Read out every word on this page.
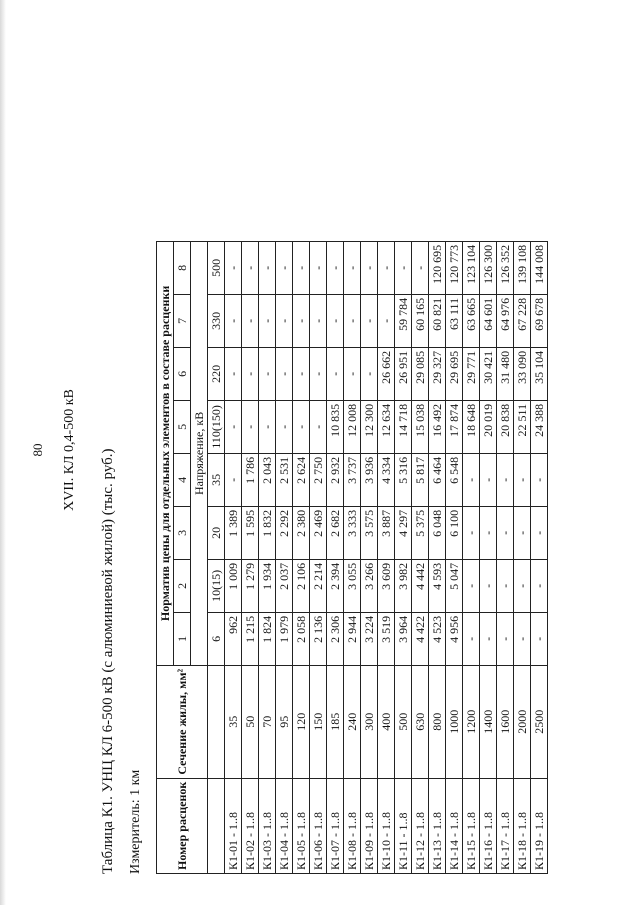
80 XVII. КЛ 0,4-500 кВ Таблица К1. УНЦ КЛ 6-500 кВ (с алюминиевой жилой) (тыс. руб.) Измеритель: 1 км	Номер расценок	Сечение жилы, мм²	Норматив цены для отдельных элементов в составе расценки							
		1	2	3	4	5	6	7	8
		Напряжение, кВ							
		6	10(15)	20	35	110(150)	220	330	500
К1-01 - 1..8	35	962	1 009	1 389	-	-	-	-	-
К1-02 - 1..8	50	1 215	1 279	1 595	1 786	-	-	-	-
К1-03 - 1..8	70	1 824	1 934	1 832	2 043	-	-	-	-
К1-04 - 1..8	95	1 979	2 037	2 292	2 531	-	-	-	-
К1-05 - 1..8	120	2 058	2 106	2 380	2 624	-	-	-	-
К1-06 - 1..8	150	2 136	2 214	2 469	2 750	-	-	-	-
К1-07 - 1..8	185	2 306	2 394	2 682	2 932	10 835	-	-	-
К1-08 - 1..8	240	2 944	3 055	3 333	3 737	12 008	-	-	-
К1-09 - 1..8	300	3 224	3 266	3 575	3 936	12 300	-	-	-
К1-10 - 1..8	400	3 519	3 609	3 887	4 334	12 634	26 662	-	-
К1-11 - 1..8	500	3 964	3 982	4 297	5 316	14 718	26 951	59 784	-
К1-12 - 1..8	630	4 422	4 442	5 375	5 817	15 038	29 085	60 165	-
К1-13 - 1..8	800	4 523	4 593	6 048	6 464	16 492	29 327	60 821	120 695
К1-14 - 1..8	1000	4 956	5 047	6 100	6 548	17 874	29 695	63 111	120 773
К1-15 - 1..8	1200	-	-	-	-	18 648	29 771	63 665	123 104
К1-16 - 1..8	1400	-	-	-	-	20 019	30 421	64 601	126 300
К1-17 - 1..8	1600	-	-	-	-	20 838	31 480	64 976	126 352
К1-18 - 1..8	2000	-	-	-	-	22 511	33 090	67 228	139 108
К1-19 - 1..8	2500	-	-	-	-	24 388	35 104	69 678	144 008
